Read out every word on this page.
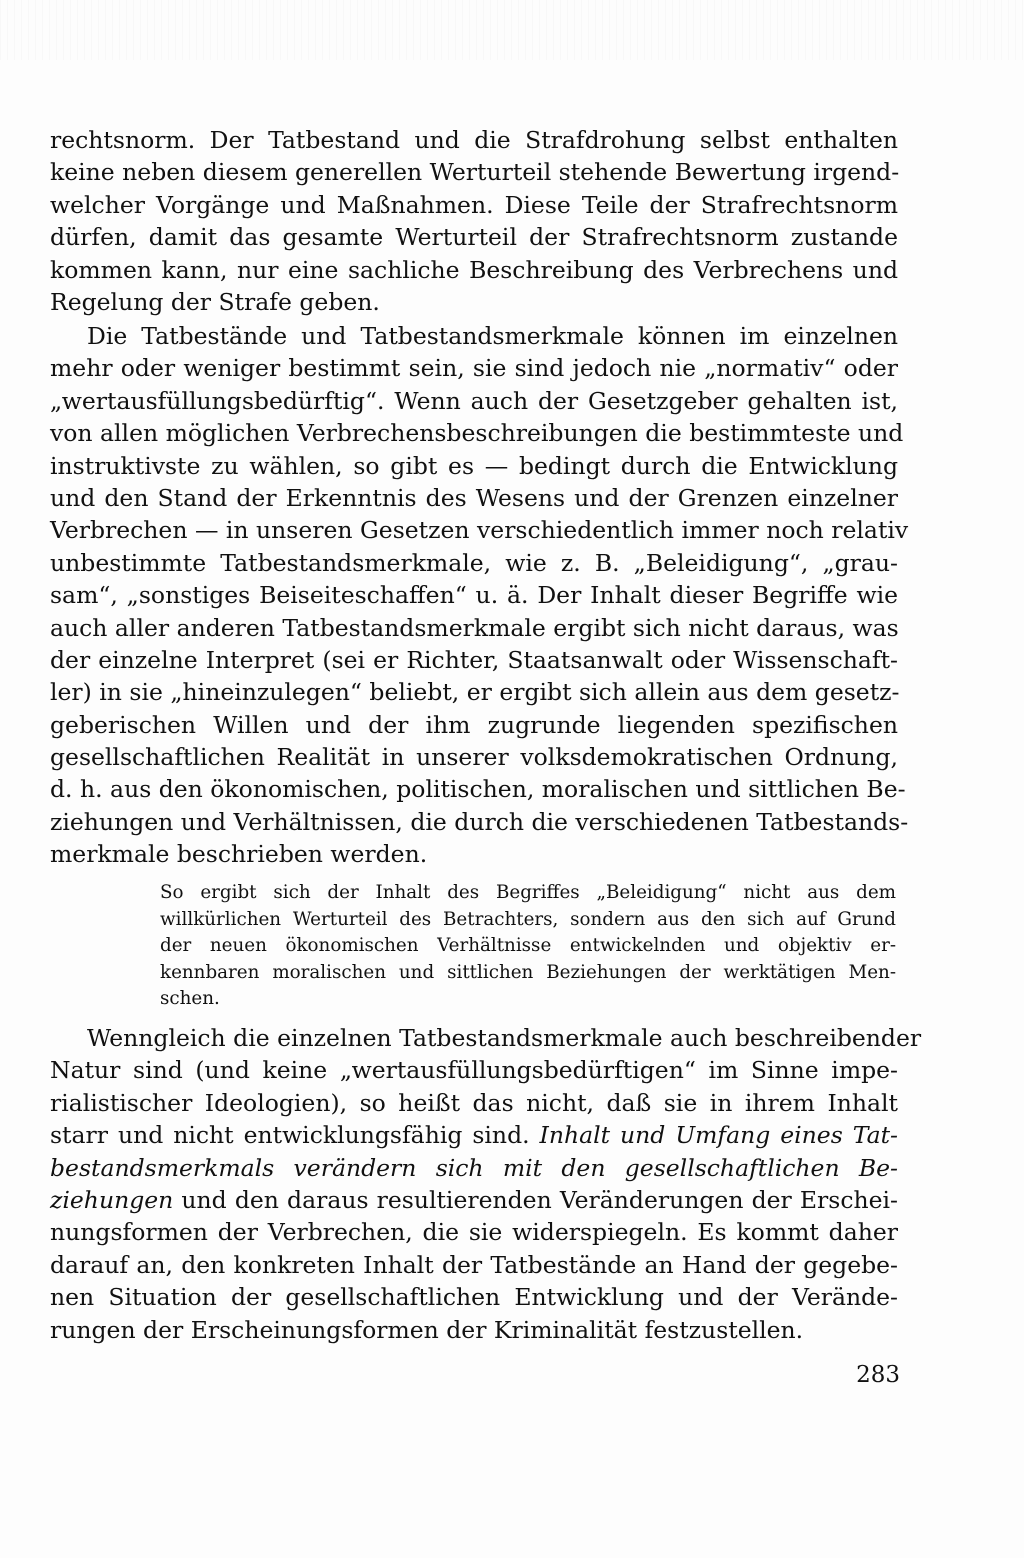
rechtsnorm. Der Tatbestand und die Strafdrohung selbst enthalten
keine neben diesem generellen Werturteil stehende Bewertung irgend-
welcher Vorgänge und Maßnahmen. Diese Teile der Strafrechtsnorm
dürfen, damit das gesamte Werturteil der Strafrechtsnorm zustande
kommen kann, nur eine sachliche Beschreibung des Verbrechens und
Regelung der Strafe geben.
Die Tatbestände und Tatbestandsmerkmale können im einzelnen
mehr oder weniger bestimmt sein, sie sind jedoch nie „normativ“ oder
„wertausfüllungsbedürftig“. Wenn auch der Gesetzgeber gehalten ist,
von allen möglichen Verbrechensbeschreibungen die bestimmteste und
instruktivste zu wählen, so gibt es — bedingt durch die Entwicklung
und den Stand der Erkenntnis des Wesens und der Grenzen einzelner
Verbrechen — in unseren Gesetzen verschiedentlich immer noch relativ
unbestimmte Tatbestandsmerkmale, wie z. B. „Beleidigung“, „grau-
sam“, „sonstiges Beiseiteschaffen“ u. ä. Der Inhalt dieser Begriffe wie
auch aller anderen Tatbestandsmerkmale ergibt sich nicht daraus, was
der einzelne Interpret (sei er Richter, Staatsanwalt oder Wissenschaft-
ler) in sie „hineinzulegen“ beliebt, er ergibt sich allein aus dem gesetz-
geberischen Willen und der ihm zugrunde liegenden spezifischen
gesellschaftlichen Realität in unserer volksdemokratischen Ordnung,
d. h. aus den ökonomischen, politischen, moralischen und sittlichen Be-
ziehungen und Verhältnissen, die durch die verschiedenen Tatbestands-
merkmale beschrieben werden.
So ergibt sich der Inhalt des Begriffes „Beleidigung“ nicht aus dem
willkürlichen Werturteil des Betrachters, sondern aus den sich auf Grund
der neuen ökonomischen Verhältnisse entwickelnden und objektiv er-
kennbaren moralischen und sittlichen Beziehungen der werktätigen Men-
schen.
Wenngleich die einzelnen Tatbestandsmerkmale auch beschreibender
Natur sind (und keine „wertausfüllungsbedürftigen“ im Sinne impe-
rialistischer Ideologien), so heißt das nicht, daß sie in ihrem Inhalt
starr und nicht entwicklungsfähig sind. Inhalt und Umfang eines Tat-
bestandsmerkmals verändern sich mit den gesellschaftlichen Be-
ziehungen und den daraus resultierenden Veränderungen der Erschei-
nungsformen der Verbrechen, die sie widerspiegeln. Es kommt daher
darauf an, den konkreten Inhalt der Tatbestände an Hand der gegebe-
nen Situation der gesellschaftlichen Entwicklung und der Verände-
rungen der Erscheinungsformen der Kriminalität festzustellen.
283
